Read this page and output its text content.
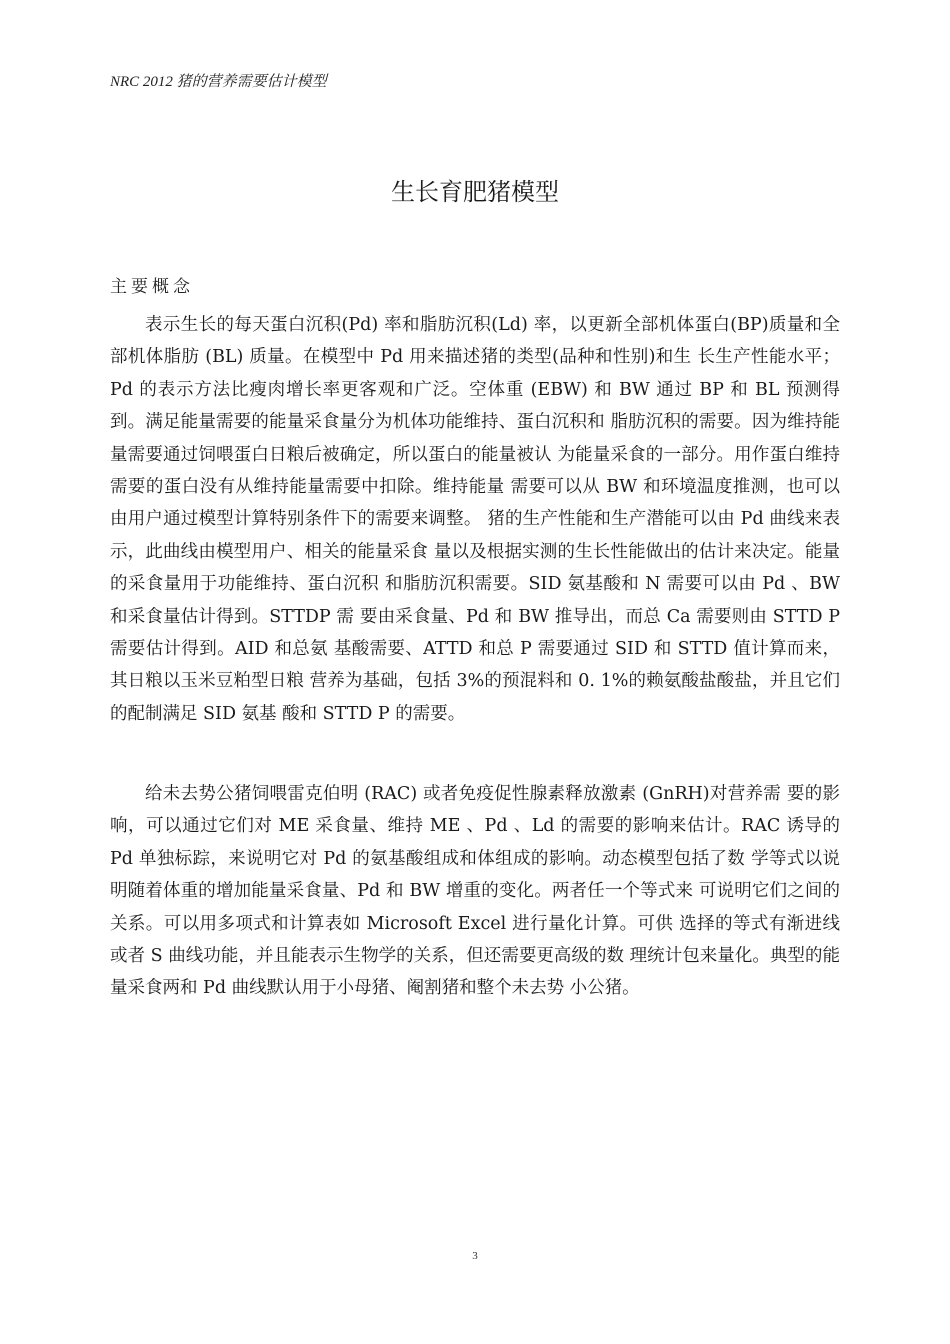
NRC 2012 猪的营养需要估计模型
生长育肥猪模型
主要概念

表示生长的每天蛋白沉积(Pd) 率和脂肪沉积(Ld) 率，以更新全部机体蛋白(BP)质量和全部机体脂肪 (BL) 质量。在模型中 Pd 用来描述猪的类型(品种和性别)和生 长生产性能水平；Pd 的表示方法比瘦肉增长率更客观和广泛。空体重 (EBW) 和 BW 通过 BP 和 BL 预测得到。满足能量需要的能量采食量分为机体功能维持、蛋白沉积和 脂肪沉积的需要。因为维持能量需要通过饲喂蛋白日粮后被确定，所以蛋白的能量被认 为能量采食的一部分。用作蛋白维持需要的蛋白没有从维持能量需要中扣除。维持能量 需要可以从 BW 和环境温度推测，也可以由用户通过模型计算特别条件下的需要来调整。 猪的生产性能和生产潜能可以由 Pd 曲线来表示，此曲线由模型用户、相关的能量采食 量以及根据实测的生长性能做出的估计来决定。能量的采食量用于功能维持、蛋白沉积 和脂肪沉积需要。SID 氨基酸和 N 需要可以由 Pd 、BW 和采食量估计得到。STTDP 需 要由采食量、Pd 和 BW 推导出，而总 Ca 需要则由 STTD P 需要估计得到。AID 和总氨 基酸需要、ATTD 和总 P 需要通过 SID 和 STTD 值计算而来，其日粮以玉米豆粕型日粮 营养为基础，包括 3%的预混料和 0. 1%的赖氨酸盐酸盐，并且它们的配制满足 SID 氨基 酸和 STTD P 的需要。

给未去势公猪饲喂雷克伯明 (RAC) 或者免疫促性腺素释放激素 (GnRH)对营养需 要的影响，可以通过它们对 ME 采食量、维持 ME 、Pd 、Ld 的需要的影响来估计。RAC 诱导的 Pd 单独标踪，来说明它对 Pd 的氨基酸组成和体组成的影响。动态模型包括了数 学等式以说明随着体重的增加能量采食量、Pd 和 BW 增重的变化。两者任一个等式来 可说明它们之间的关系。可以用多项式和计算表如 Microsoft Excel 进行量化计算。可供 选择的等式有渐进线或者 S 曲线功能，并且能表示生物学的关系，但还需要更高级的数 理统计包来量化。典型的能量采食两和 Pd 曲线默认用于小母猪、阉割猪和整个未去势 小公猪。

3
